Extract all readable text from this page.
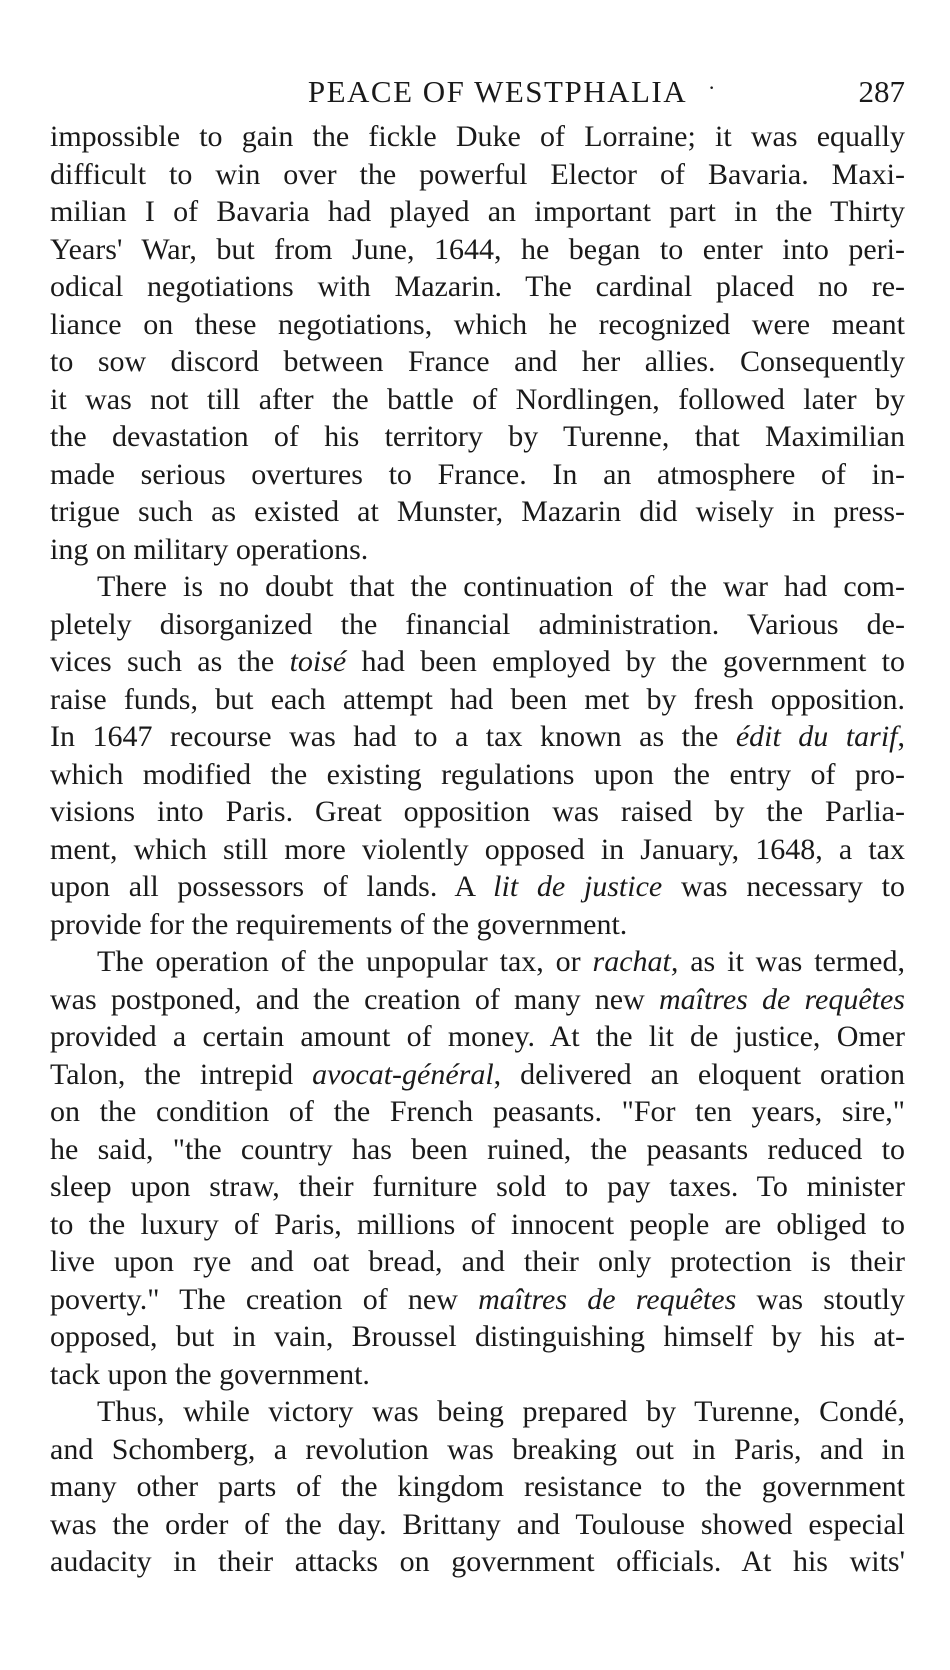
PEACE OF WESTPHALIA ·	287
impossible to gain the fickle Duke of Lorraine; it was equally
difficult to win over the powerful Elector of Bavaria. Maxi-
milian I of Bavaria had played an important part in the Thirty
Years' War, but from June, 1644, he began to enter into peri-
odical negotiations with Mazarin. The cardinal placed no re-
liance on these negotiations, which he recognized were meant
to sow discord between France and her allies. Consequently
it was not till after the battle of Nordlingen, followed later by
the devastation of his territory by Turenne, that Maximilian
made serious overtures to France. In an atmosphere of in-
trigue such as existed at Munster, Mazarin did wisely in press-
ing on military operations.
There is no doubt that the continuation of the war had com-
pletely disorganized the financial administration. Various de-
vices such as the toisé had been employed by the government to
raise funds, but each attempt had been met by fresh opposition.
In 1647 recourse was had to a tax known as the édit du tarif,
which modified the existing regulations upon the entry of pro-
visions into Paris. Great opposition was raised by the Parlia-
ment, which still more violently opposed in January, 1648, a tax
upon all possessors of lands. A lit de justice was necessary to
provide for the requirements of the government.
The operation of the unpopular tax, or rachat, as it was termed,
was postponed, and the creation of many new maîtres de requêtes
provided a certain amount of money. At the lit de justice, Omer
Talon, the intrepid avocat-général, delivered an eloquent oration
on the condition of the French peasants. "For ten years, sire,"
he said, "the country has been ruined, the peasants reduced to
sleep upon straw, their furniture sold to pay taxes. To minister
to the luxury of Paris, millions of innocent people are obliged to
live upon rye and oat bread, and their only protection is their
poverty." The creation of new maîtres de requêtes was stoutly
opposed, but in vain, Broussel distinguishing himself by his at-
tack upon the government.
Thus, while victory was being prepared by Turenne, Condé,
and Schomberg, a revolution was breaking out in Paris, and in
many other parts of the kingdom resistance to the government
was the order of the day. Brittany and Toulouse showed especial
audacity in their attacks on government officials. At his wits'
